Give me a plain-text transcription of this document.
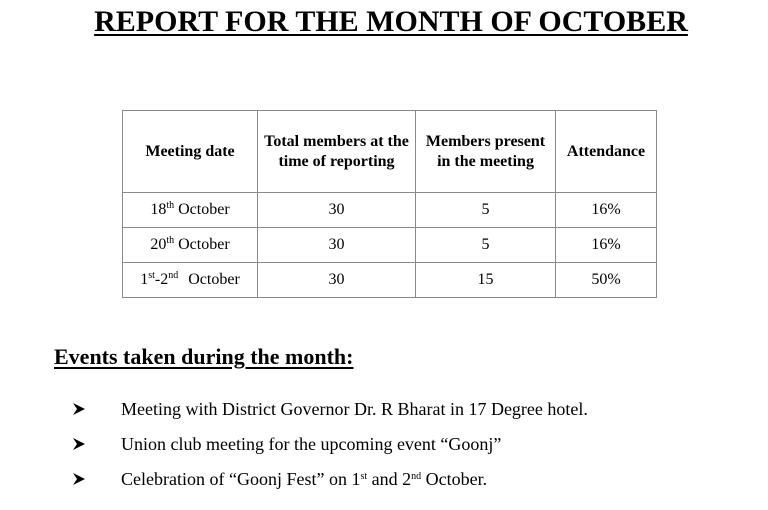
REPORT FOR THE MONTH OF OCTOBER
Meeting date	Total members at the time of reporting	Members present in the meeting	Attendance
18th October	30	5	16%
20th October	30	5	16%
1st-2nd October	30	15	50%
Events taken during the month:
Meeting with District Governor Dr. R Bharat in 17 Degree hotel.
Union club meeting for the upcoming event “Goonj”
Celebration of “Goonj Fest” on 1st and 2nd October.
